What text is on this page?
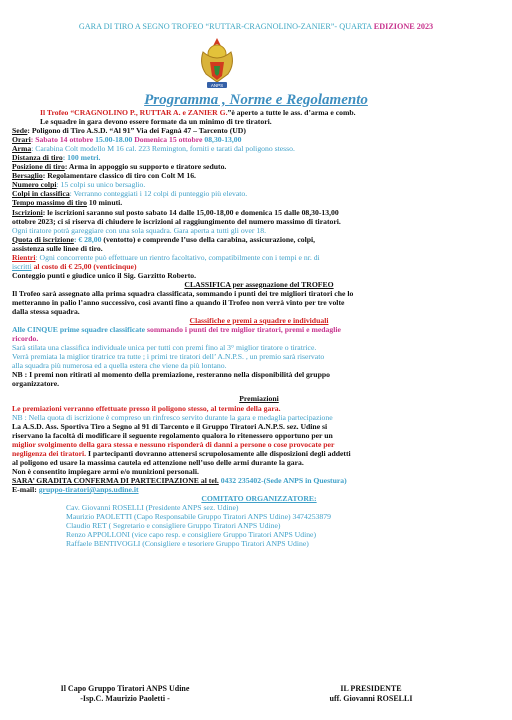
GARA DI TIRO A SEGNO TROFEO “RUTTAR-CRAGNOLINO-ZANIER”- QUARTA EDIZIONE 2023
ANPS
Programma , Norme e Regolamento

Il Trofeo “CRAGNOLINO P., RUTTAR A. e ZANIER G.”è aperto a tutte le ass. d’arma e comb.

Le squadre in gara devono essere formate da un minimo di tre tiratori.

Sede: Poligono di Tiro A.S.D. “Al 91” Via dei Fagnà 47 – Tarcento (UD)

Orari: Sabato 14 ottobre 15.00-18.00 Domenica 15 ottobre 08,30-13,00

Arma: Carabina Colt modello M 16 cal. 223 Remington, forniti e tarati dal poligono stesso.

Distanza di tiro: 100 metri.

Posizione di tiro: Arma in appoggio su supporto e tiratore seduto.

Bersaglio: Regolamentare classico di tiro con Colt M 16.

Numero colpi: 15 colpi su unico bersaglio.

Colpi in classifica: Verranno conteggiati i 12 colpi di punteggio più elevato.

Tempo massimo di tiro 10 minuti.

Iscrizioni: le iscrizioni saranno sul posto sabato 14 dalle 15,00-18,00 e domenica 15 dalle 08,30-13,00

ottobre 2023; ci si riserva di chiudere le iscrizioni al raggiungimento del numero massimo di tiratori.

Ogni tiratore potrà gareggiare con una sola squadra. Gara aperta a tutti gli over 18.

Quota di iscrizione: € 28,00 (ventotto) e comprende l’uso della carabina, assicurazione, colpi,

assistenza sulle linee di tiro.

Rientri: Ogni concorrente può effettuare un rientro facoltativo, compatibilmente con i tempi e nr. di

iscritti al costo di € 25,00 (venticinque)

Conteggio punti e giudice unico il Sig. Garzitto Roberto.

CLASSIFICA per assegnazione del TROFEO

Il Trofeo sarà assegnato alla prima squadra classificata, sommando i punti dei tre migliori tiratori che lo

metteranno in palio l’anno successivo, così avanti fino a quando il Trofeo non verrà vinto per tre volte

dalla stessa squadra.

Classifiche e premi a squadre e individuali

Alle CINQUE prime squadre classificate sommando i punti dei tre miglior tiratori, premi e medaglie

ricordo.

Sarà stilata una classifica individuale unica per tutti con premi fino al 3° miglior tiratore o tiratrice.

Verrà premiata la miglior tiratrice tra tutte ; i primi tre tiratori dell’ A.N.P.S. , un premio sarà riservato

alla squadra più numerosa ed a quella estera che viene da più lontano.

NB : I premi non ritirati al momento della premiazione, resteranno nella disponibilità del gruppo

organizzatore.

Premiazioni

Le premiazioni verranno effettuate presso il poligono stesso, al termine della gara.

NB : Nella quota di iscrizione è compreso un rinfresco servito durante la gara e medaglia partecipazione

La A.S.D. Ass. Sportiva Tiro a Segno al 91 di Tarcento e il Gruppo Tiratori A.N.P.S. sez. Udine si

riservano la facoltà di modificare il seguente regolamento qualora lo ritenessero opportuno per un

miglior svolgimento della gara stessa e nessuno risponderà di danni a persone o cose provocate per

negligenza dei tiratori. I partecipanti dovranno attenersi scrupolosamente alle disposizioni degli addetti

al poligono ed usare la massima cautela ed attenzione nell’uso delle armi durante la gara.

Non è consentito impiegare armi e/o munizioni personali.

SARA’ GRADITA CONFERMA DI PARTECIPAZIONE al tel. 0432 235402-(Sede ANPS in Questura)

E-mail: gruppo-tiratori@anps.udine.it

COMITATO ORGANIZZATORE:

Cav. Giovanni ROSELLI (Presidente ANPS sez. Udine)

Maurizio PAOLETTI (Capo Responsabile Gruppo Tiratori ANPS Udine) 3474253879

Claudio RET ( Segretario e consigliere Gruppo Tiratori ANPS Udine)

Renzo APPOLLONI (vice capo resp. e consigliere Gruppo Tiratori ANPS Udine)

Raffaele BENTIVOGLI (Consigliere e tesoriere Gruppo Tiratori ANPS Udine)

Il Capo Gruppo Tiratori ANPS Udine
-Isp.C. Maurizio Paoletti -
IL PRESIDENTE
uff. Giovanni ROSELLI
